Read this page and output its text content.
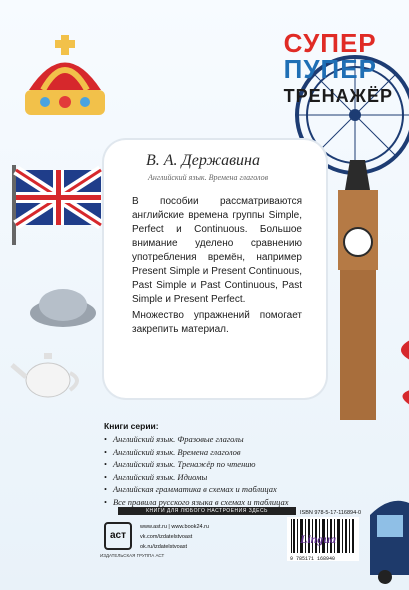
СУПЕР
ПУПЕР
ТРЕНАЖЁР
В. А. Державина
Английский язык. Времена глаголов

В пособии рассматриваются английские времена группы Simple, Perfect и Continuous. Большое внимание уделено сравнению употребления времён, например Present Simple и Present Continuous, Past Simple и Past Continuous, Past Simple и Present Perfect.

Множество упражнений помогает закрепить материал.

Книги серии:
• Английский язык. Фразовые глаголы
• Английский язык. Времена глаголов
• Английский язык. Тренажёр по чтению
• Английский язык. Идиомы
• Английская грамматика в схемах и таблицах
• Все правила русского языка в схемах и таблицах
КНИГИ ДЛЯ ЛЮБОГО НАСТРОЕНИЯ ЗДЕСЬ
аст
www.ast.ru | www.book24.ru
vk.com/izdatelstvoast
ok.ru/izdatelstvoast
ИЗДАТЕЛЬСКАЯ ГРУППА АСТ
ISBN 978-5-17-116894-0
9 785171 168940
Lingua
